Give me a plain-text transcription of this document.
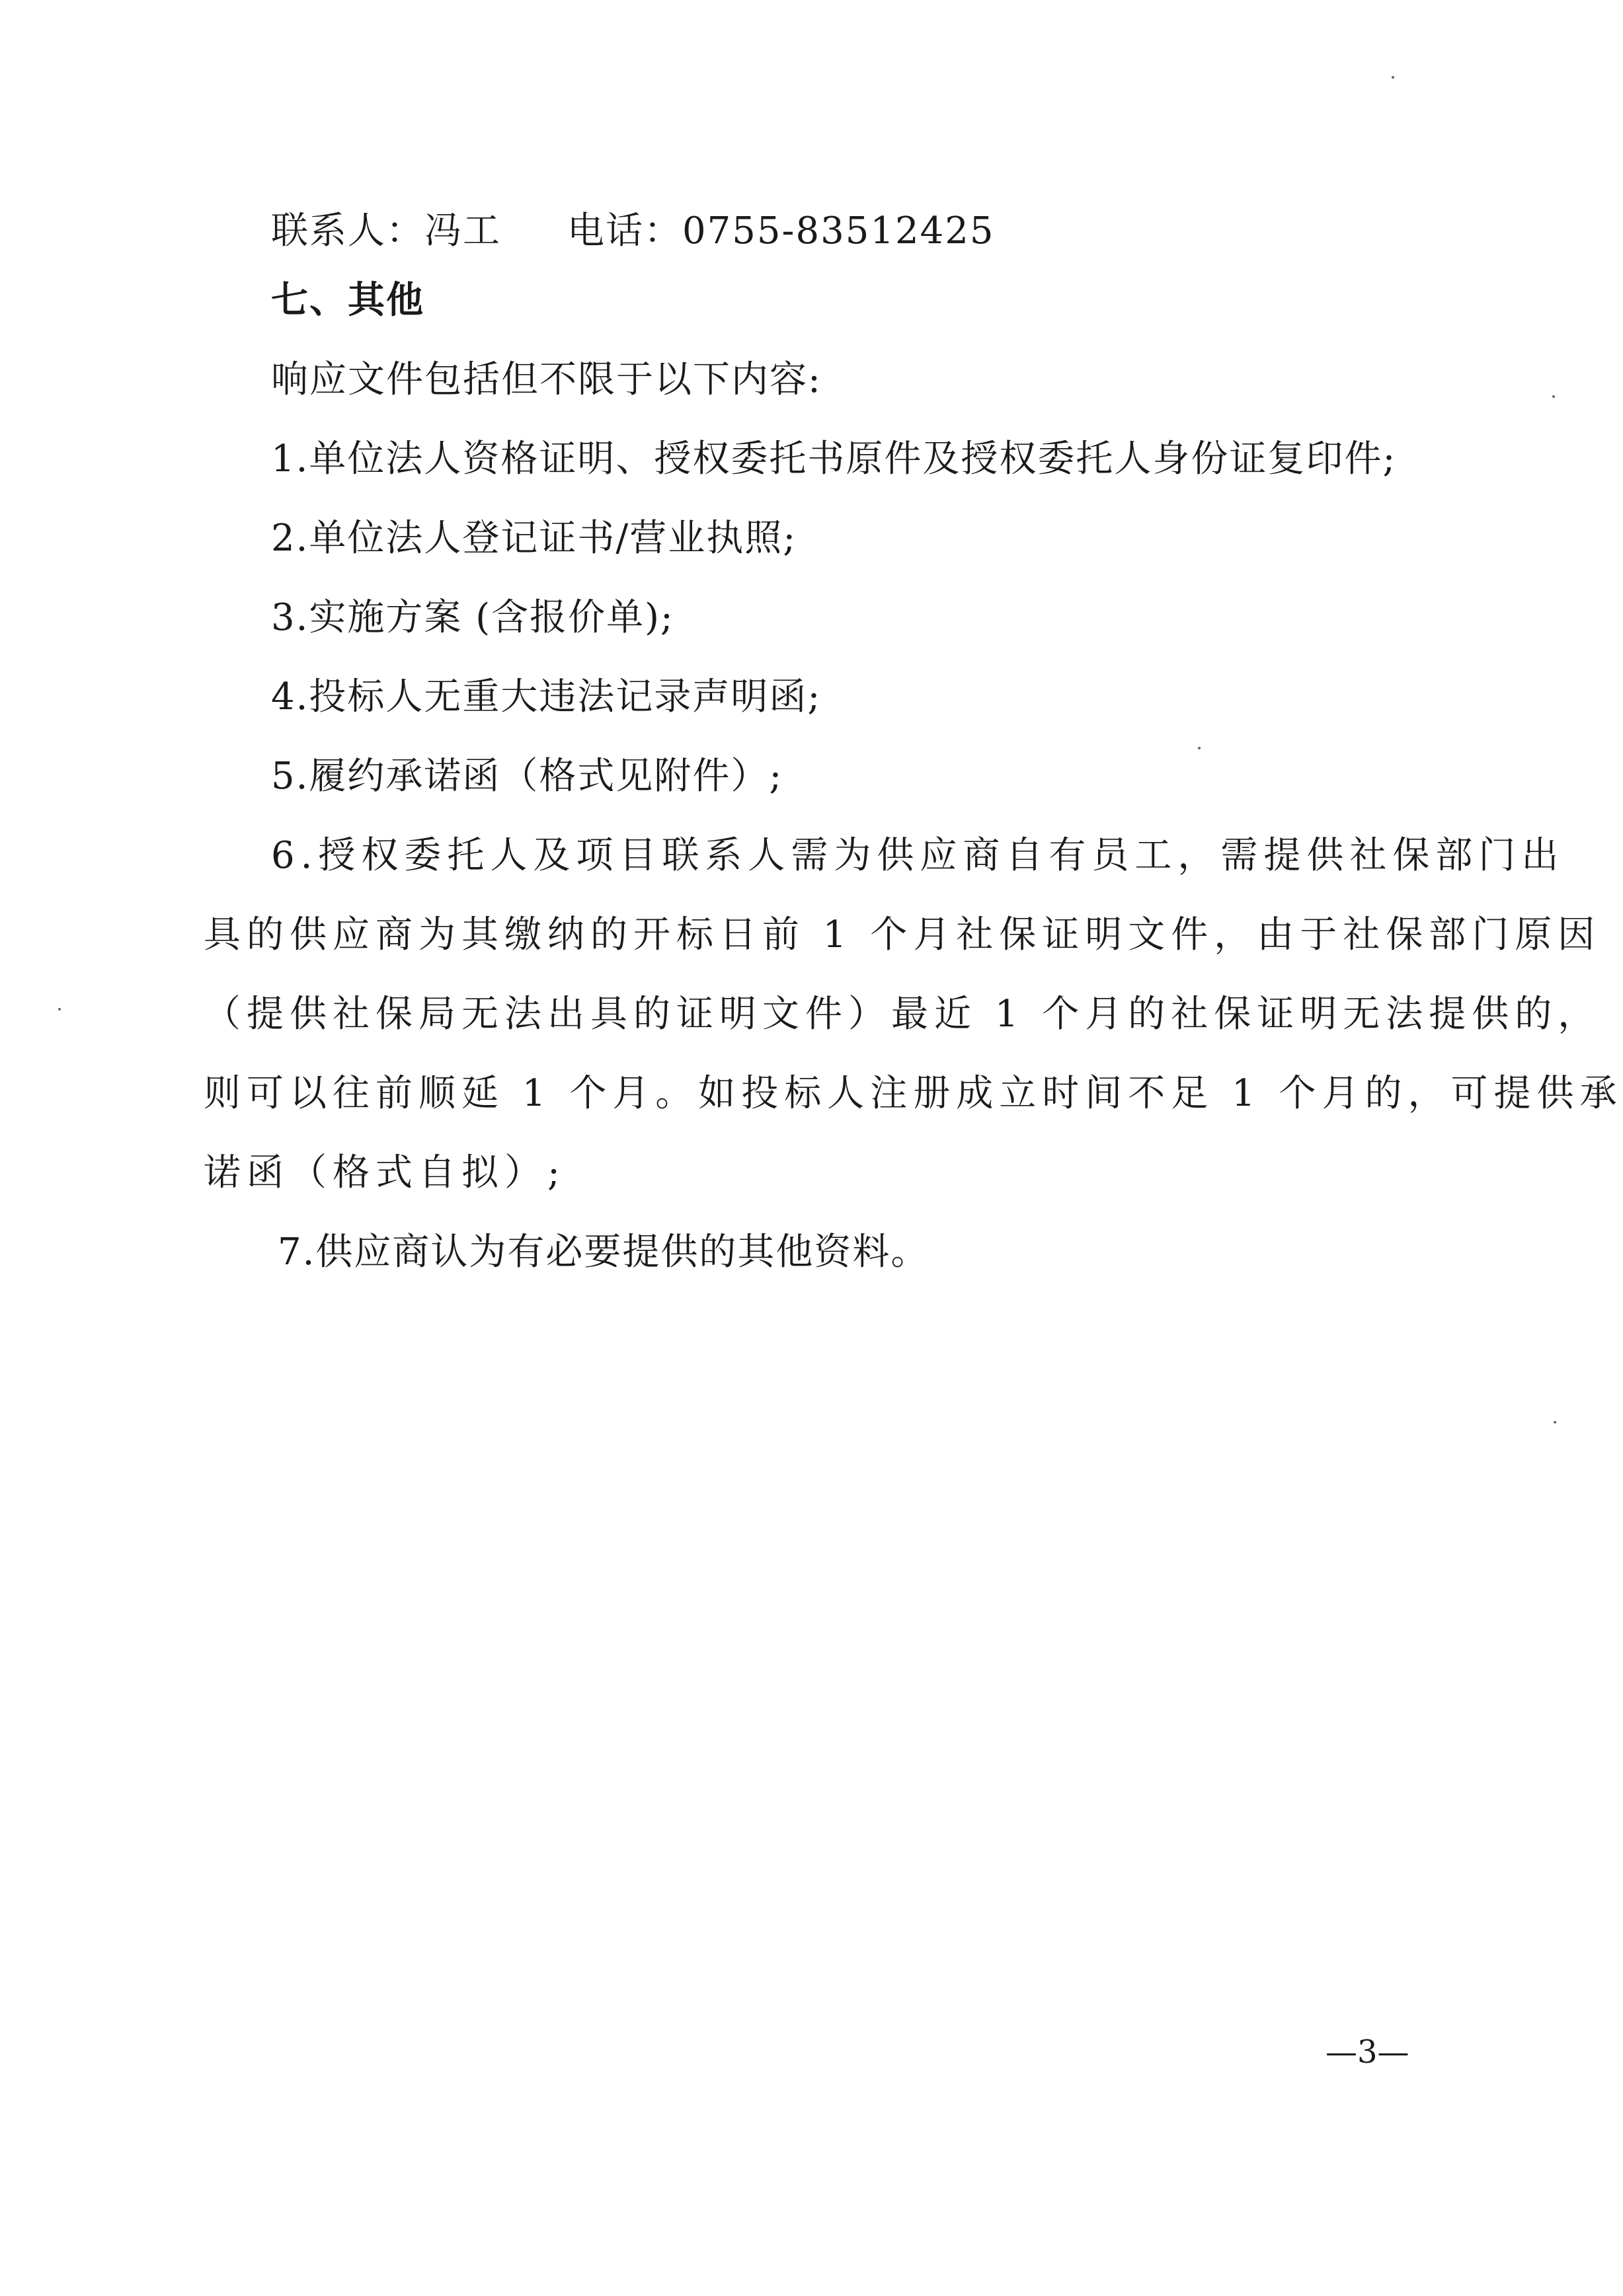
联系人：冯工 电话：0755-83512425
七、其他
响应文件包括但不限于以下内容:
1.单位法人资格证明、授权委托书原件及授权委托人身份证复印件;
2.单位法人登记证书/营业执照;
3.实施方案 (含报价单);
4.投标人无重大违法记录声明函;
5.履约承诺函（格式见附件）;
6.授权委托人及项目联系人需为供应商自有员工，需提供社保部门出
具的供应商为其缴纳的开标日前 1 个月社保证明文件，由于社保部门原因
（提供社保局无法出具的证明文件）最近 1 个月的社保证明无法提供的，
则可以往前顺延 1 个月。如投标人注册成立时间不足 1 个月的，可提供承
诺函（格式自拟）;
7.供应商认为有必要提供的其他资料。
—3—
